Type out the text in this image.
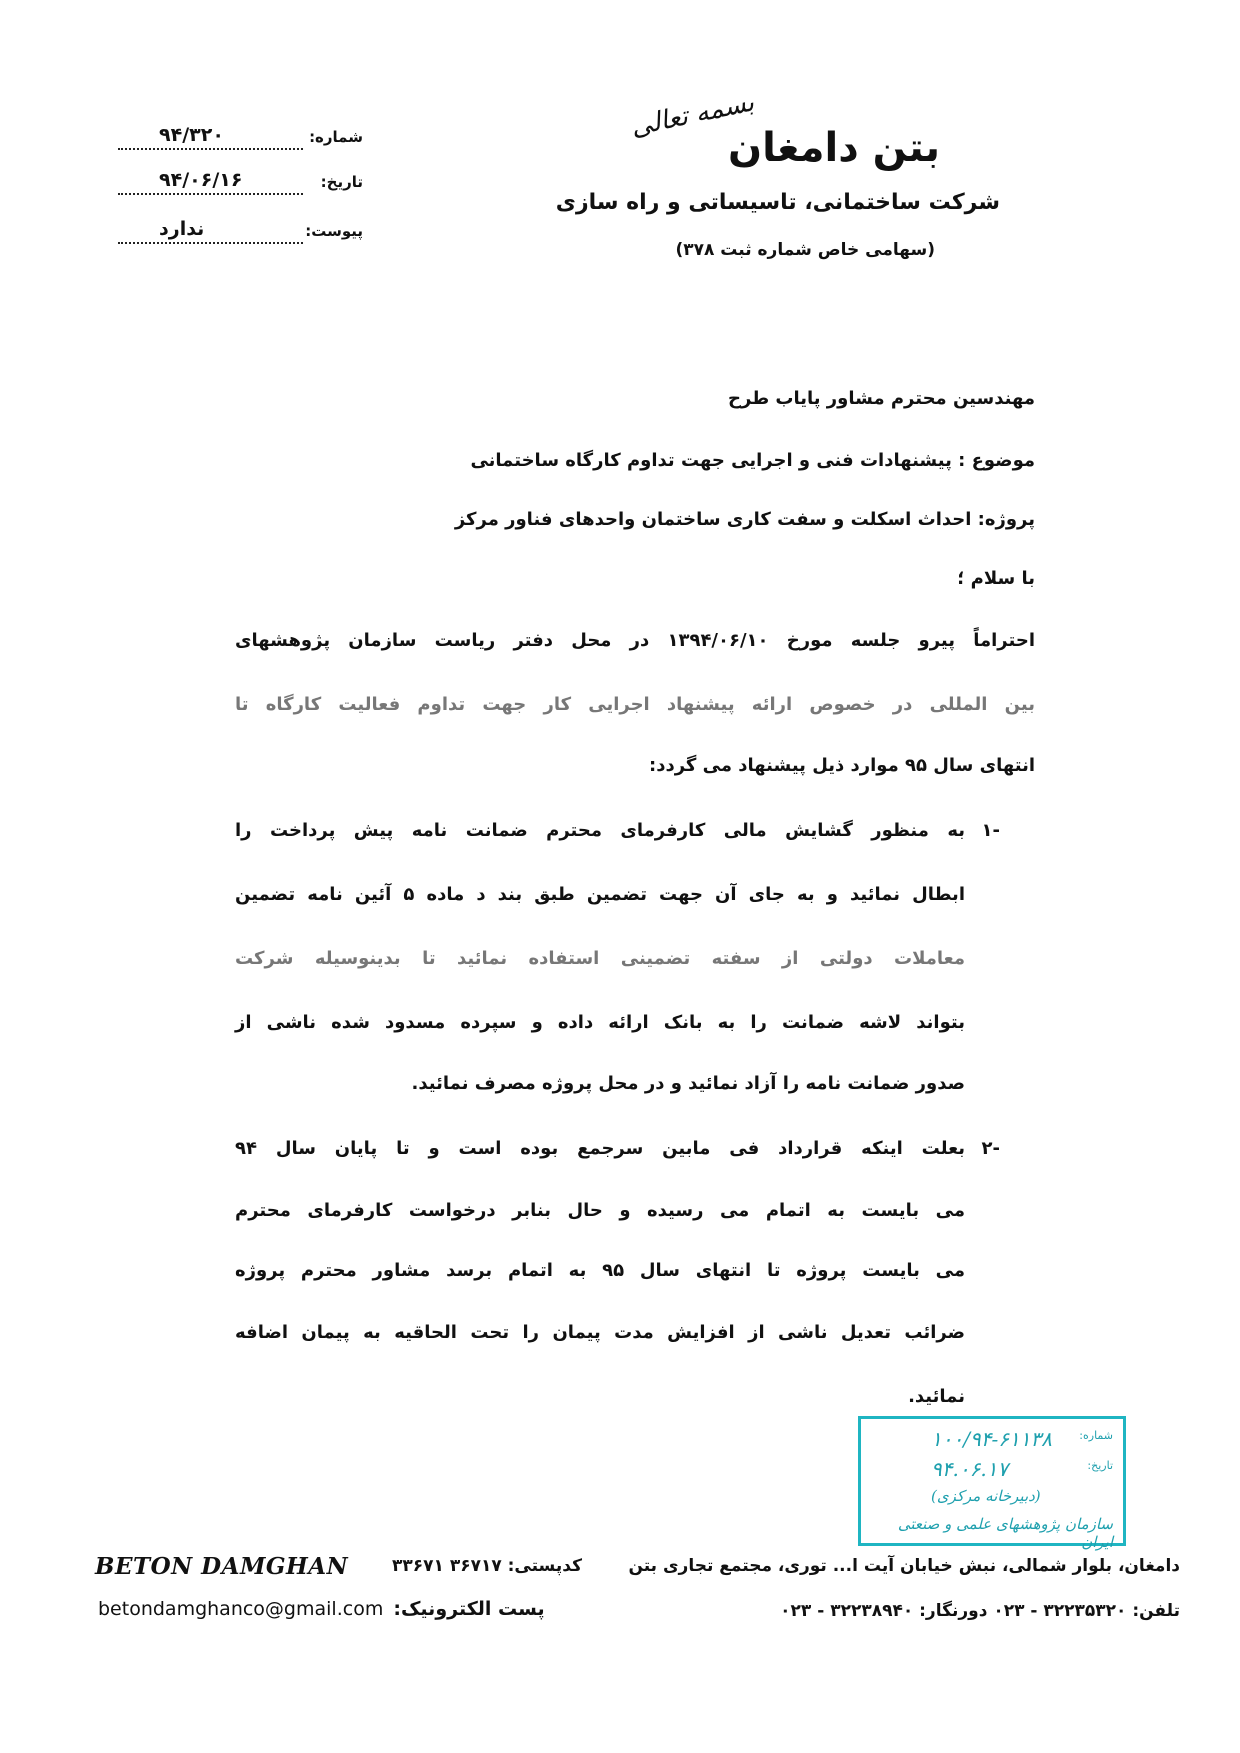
بتن دامغان
شرکت ساختمانی، تاسیساتی و راه سازی
(سهامی خاص شماره ثبت ۳۷۸)
بسمه تعالی
شماره:
۹۴/۳۲۰
تاریخ:
۹۴/۰۶/۱۶
پیوست:
ندارد
مهندسین محترم مشاور پایاب طرح
موضوع : پیشنهادات فنی و اجرایی جهت تداوم کارگاه ساختمانی
پروژه: احداث اسکلت و سفت کاری ساختمان واحدهای فناور مرکز
با سلام ؛
احتراماً پیرو جلسه مورخ ۱۳۹۴/۰۶/۱۰ در محل دفتر ریاست سازمان پژوهشهای
بین المللی در خصوص ارائه پیشنهاد اجرایی کار جهت تداوم فعالیت کارگاه تا
انتهای سال ۹۵ موارد ذیل پیشنهاد می گردد:
۱-
به منظور گشایش مالی کارفرمای محترم ضمانت نامه پیش پرداخت را
ابطال نمائید و به جای آن جهت تضمین طبق بند د ماده ۵ آئین نامه تضمین
معاملات دولتی از سفته تضمینی استفاده نمائید تا بدینوسیله شرکت
بتواند لاشه ضمانت را به بانک ارائه داده و سپرده مسدود شده ناشی از
صدور ضمانت نامه را آزاد نمائید و در محل پروژه مصرف نمائید.
۲-
بعلت اینکه قرارداد فی مابین سرجمع بوده است و تا پایان سال ۹۴
می بایست به اتمام می رسیده و حال بنابر درخواست کارفرمای محترم
می بایست پروژه تا انتهای سال ۹۵ به اتمام برسد مشاور محترم پروژه
ضرائب تعدیل ناشی از افزایش مدت پیمان را تحت الحاقیه به پیمان اضافه
نمائید.
شماره:
۱۰۰/۹۴-۶۱۱۳۸
تاریخ:
۹۴.۰۶.۱۷
(دبیرخانه مرکزی)
سازمان پژوهشهای علمی و صنعتی ایران
BETON DAMGHAN	کدپستی: ۳۶۷۱۷ ۳۳۶۷۱	دامغان، بلوار شمالی، نبش خیابان آیت ا... توری، مجتمع تجاری بتن
betondamghanco@gmail.com پست الکترونیک:	تلفن: ۳۲۲۳۵۳۲۰ - ۰۲۳ دورنگار: ۳۲۲۳۸۹۴۰ - ۰۲۳
